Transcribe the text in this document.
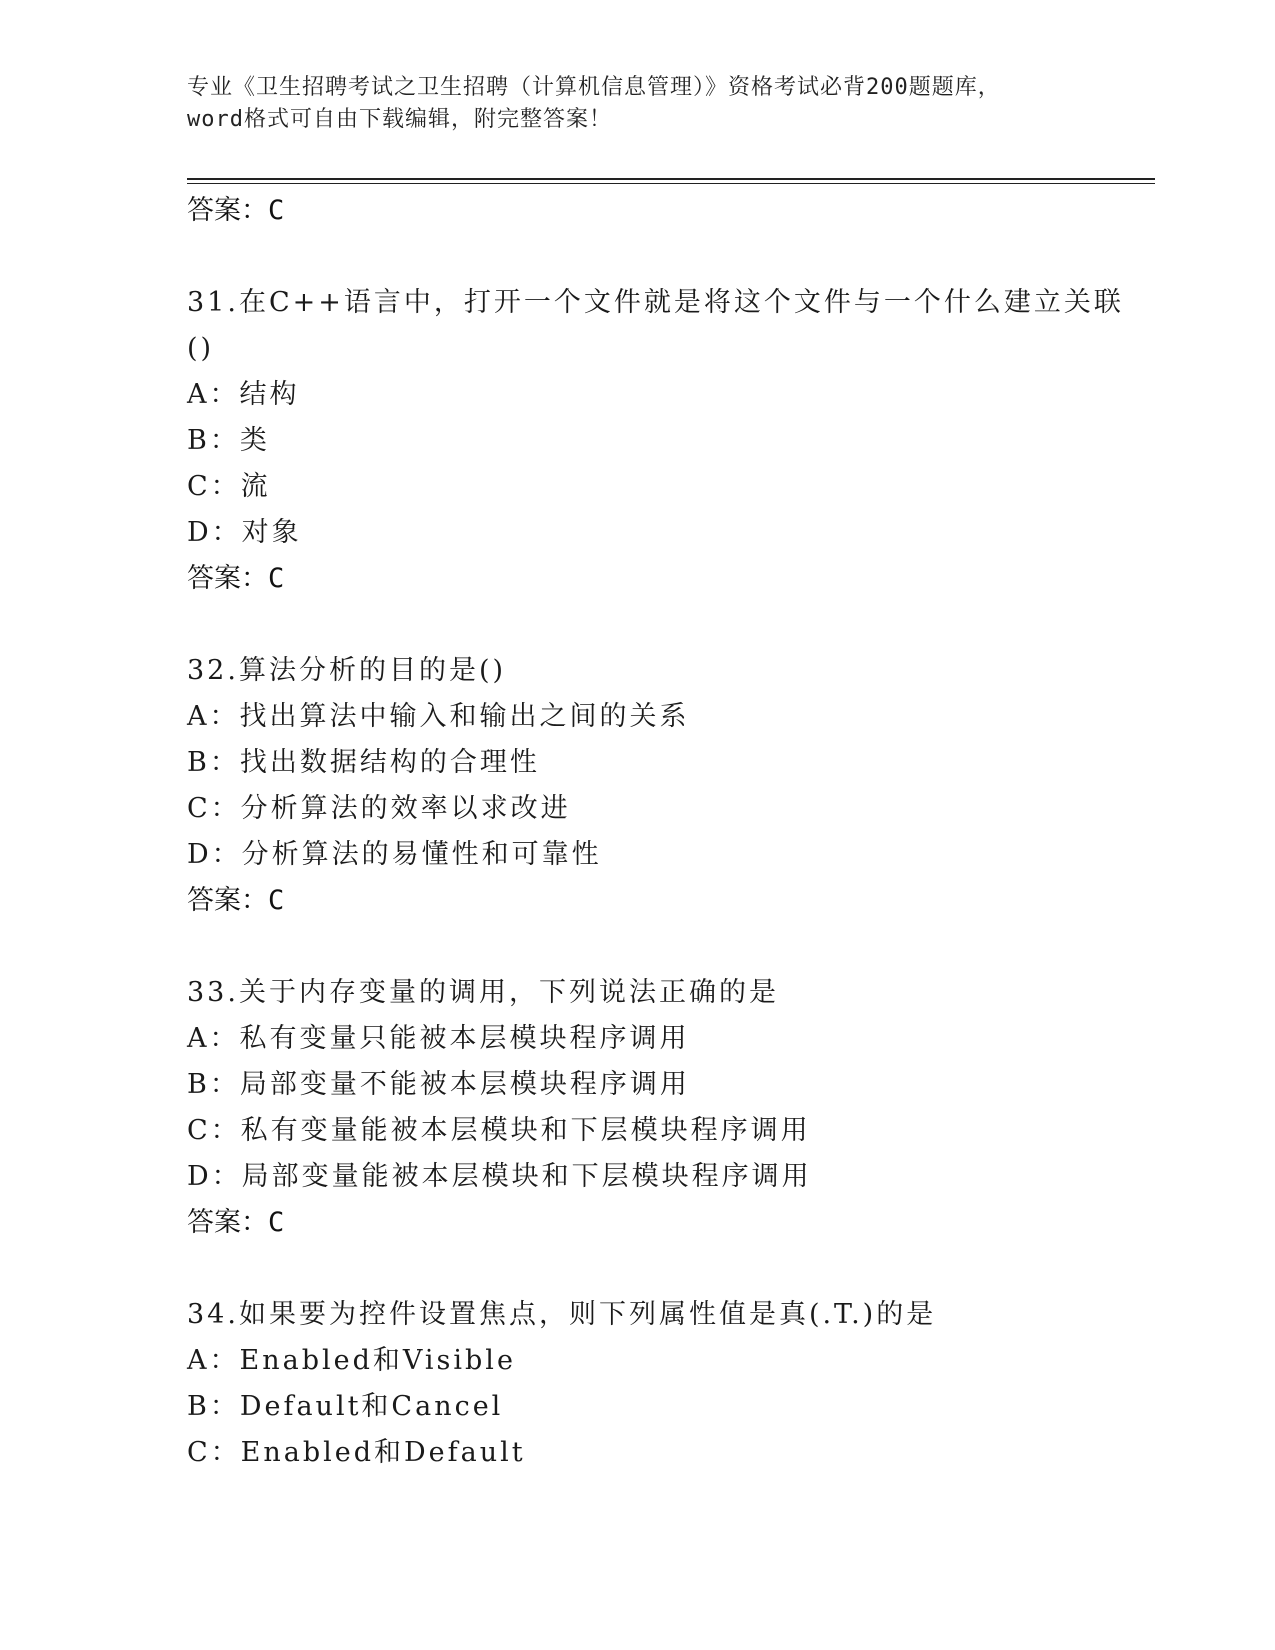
专业《卫生招聘考试之卫生招聘（计算机信息管理）》资格考试必背200题题库，
word格式可自由下载编辑，附完整答案！
答案：C
31.在C++语言中，打开一个文件就是将这个文件与一个什么建立关联
()
A：结构
B：类
C：流
D：对象
答案：C
32.算法分析的目的是()
A：找出算法中输入和输出之间的关系
B：找出数据结构的合理性
C：分析算法的效率以求改进
D：分析算法的易懂性和可靠性
答案：C
33.关于内存变量的调用，下列说法正确的是
A：私有变量只能被本层模块程序调用
B：局部变量不能被本层模块程序调用
C：私有变量能被本层模块和下层模块程序调用
D：局部变量能被本层模块和下层模块程序调用
答案：C
34.如果要为控件设置焦点，则下列属性值是真(.T.)的是
A：Enabled和Visible
B：Default和Cancel
C：Enabled和Default
